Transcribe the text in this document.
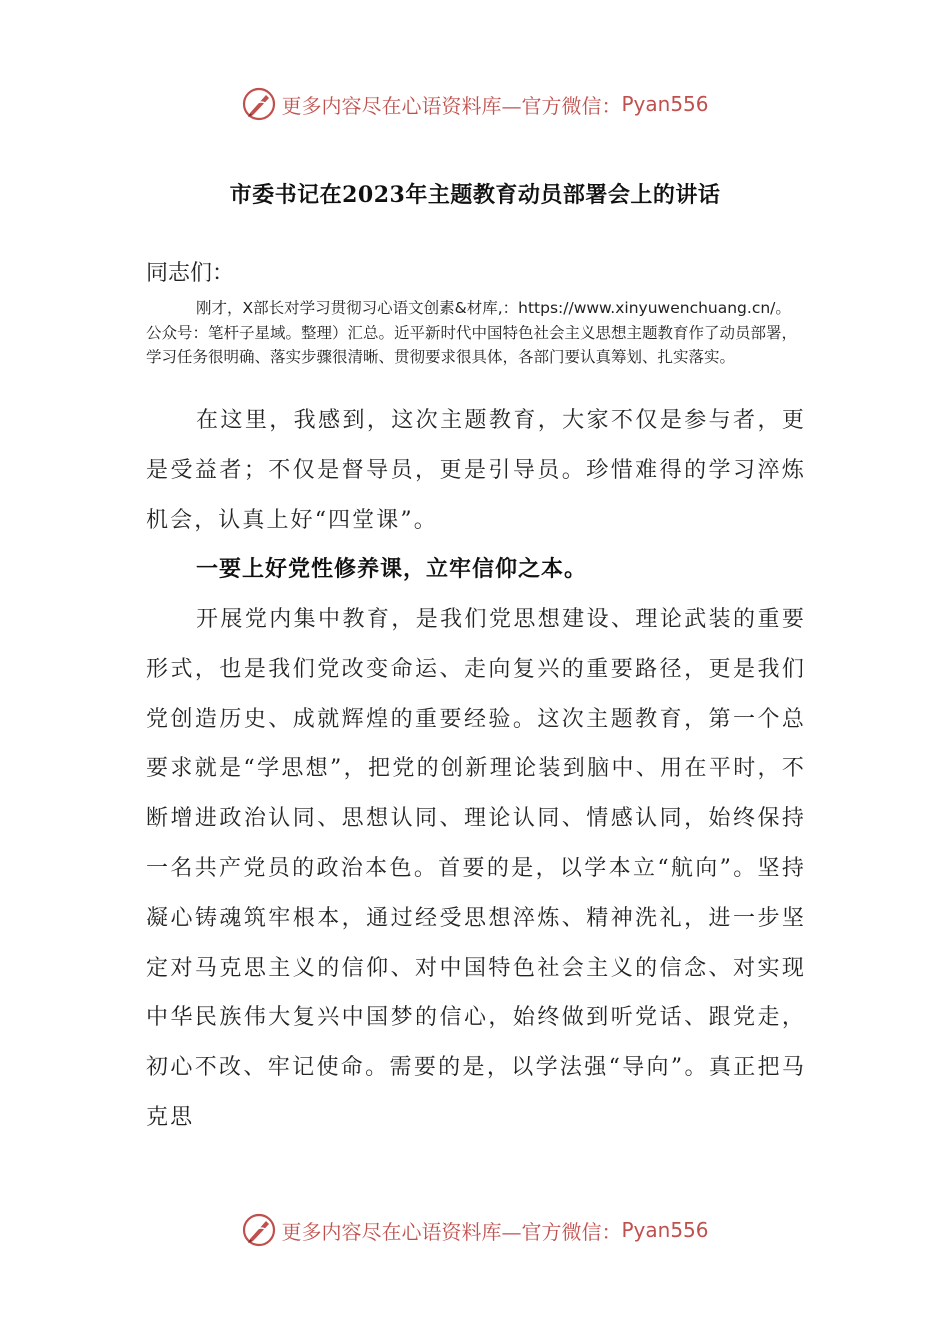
更多内容尽在心语资料库—官方微信： Pyan556
市委书记在2023年主题教育动员部署会上的讲话
同志们：
刚才，X部长对学习贯彻习心语文创素&材库,：https://www.xinyuwenchuang.cn/。公众号：笔杆子星域。整理）汇总。近平新时代中国特色社会主义思想主题教育作了动员部署，学习任务很明确、落实步骤很清晰、贯彻要求很具体，各部门要认真筹划、扎实落实。
在这里，我感到，这次主题教育，大家不仅是参与者，更是受益者；不仅是督导员，更是引导员。珍惜难得的学习淬炼机会，认真上好“四堂课”。
一要上好党性修养课，立牢信仰之本。
开展党内集中教育，是我们党思想建设、理论武装的重要形式，也是我们党改变命运、走向复兴的重要路径，更是我们党创造历史、成就辉煌的重要经验。这次主题教育，第一个总要求就是“学思想”，把党的创新理论装到脑中、用在平时，不断增进政治认同、思想认同、理论认同、情感认同，始终保持一名共产党员的政治本色。首要的是，以学本立“航向”。坚持凝心铸魂筑牢根本，通过经受思想淬炼、精神洗礼，进一步坚定对马克思主义的信仰、对中国特色社会主义的信念、对实现中华民族伟大复兴中国梦的信心，始终做到听党话、跟党走，初心不改、牢记使命。需要的是，以学法强“导向”。真正把马克思
更多内容尽在心语资料库—官方微信： Pyan556
